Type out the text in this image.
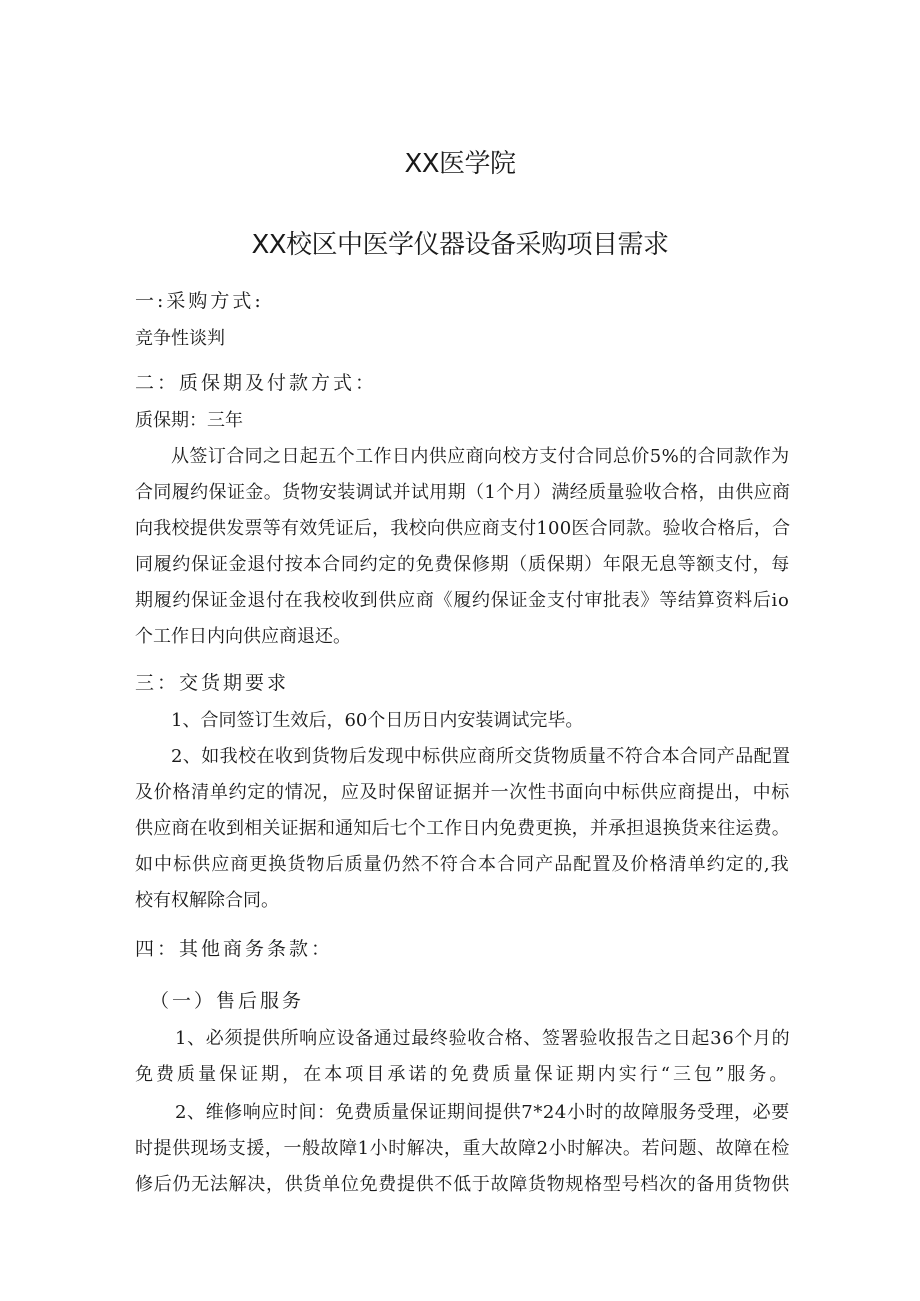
XX医学院
XX校区中医学仪器设备采购项目需求
一:采购方式:
竞争性谈判
二：质保期及付款方式：
质保期：三年
从签订合同之日起五个工作日内供应商向校方支付合同总价5%的合同款作为
合同履约保证金。货物安装调试并试用期（1个月）满经质量验收合格，由供应商
向我校提供发票等有效凭证后，我校向供应商支付100医合同款。验收合格后，合
同履约保证金退付按本合同约定的免费保修期（质保期）年限无息等额支付，每
期履约保证金退付在我校收到供应商《履约保证金支付审批表》等结算资料后io
个工作日内向供应商退还。
三：交货期要求
1、合同签订生效后，60个日历日内安装调试完毕。
2、如我校在收到货物后发现中标供应商所交货物质量不符合本合同产品配置
及价格清单约定的情况，应及时保留证据并一次性书面向中标供应商提出，中标
供应商在收到相关证据和通知后七个工作日内免费更换，并承担退换货来往运费。
如中标供应商更换货物后质量仍然不符合本合同产品配置及价格清单约定的,我
校有权解除合同。
四：其他商务条款：
（一）售后服务
1、必须提供所响应设备通过最终验收合格、签署验收报告之日起36个月的
免费质量保证期，在本项目承诺的免费质量保证期内实行“三包”服务。
2、维修响应时间：免费质量保证期间提供7*24小时的故障服务受理，必要
时提供现场支援，一般故障1小时解决，重大故障2小时解决。若问题、故障在检
修后仍无法解决，供货单位免费提供不低于故障货物规格型号档次的备用货物供
